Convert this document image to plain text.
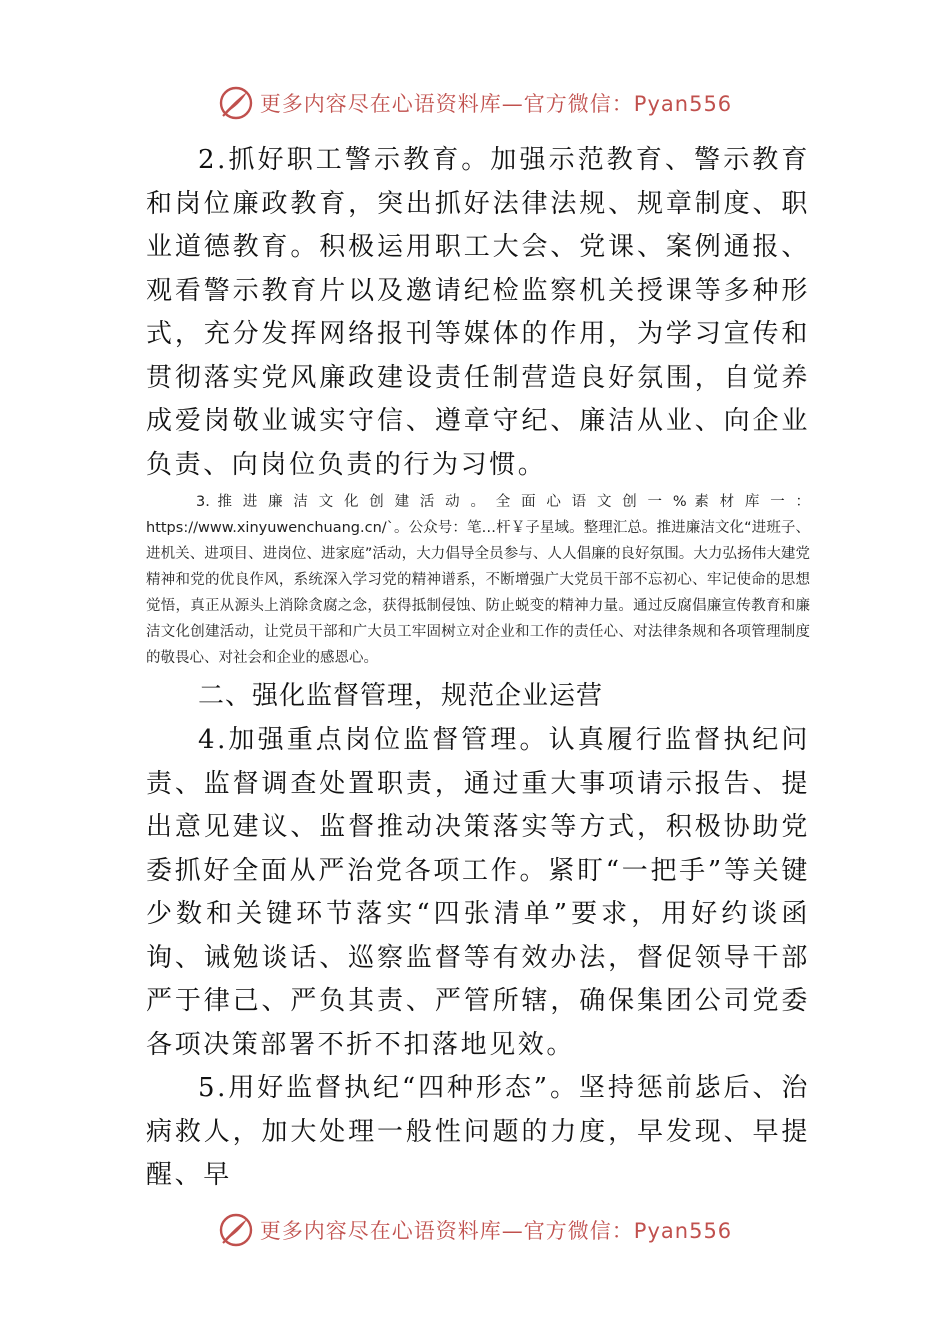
更多内容尽在心语资料库—官方微信：Pyan556

2.抓好职工警示教育。加强示范教育、警示教育和岗位廉政教育，突出抓好法律法规、规章制度、职业道德教育。积极运用职工大会、党课、案例通报、观看警示教育片以及邀请纪检监察机关授课等多种形式，充分发挥网络报刊等媒体的作用，为学习宣传和贯彻落实党风廉政建设责任制营造良好氛围，自觉养成爱岗敬业诚实守信、遵章守纪、廉洁从业、向企业负责、向岗位负责的行为习惯。

3. 推 进 廉 洁 文 化 创 建 活 动 。 全 面 心 语 文 创 一 % 素 材 库 一 ： https://www.xinyuwenchuang.cn/`。公众号：笔…杆￥子星域。整理汇总。推进廉洁文化“进班子、进机关、进项目、进岗位、进家庭”活动，大力倡导全员参与、人人倡廉的良好氛围。大力弘扬伟大建党精神和党的优良作风，系统深入学习党的精神谱系，不断增强广大党员干部不忘初心、牢记使命的思想觉悟，真正从源头上消除贪腐之念，获得抵制侵蚀、防止蜕变的精神力量。通过反腐倡廉宣传教育和廉洁文化创建活动，让党员干部和广大员工牢固树立对企业和工作的责任心、对法律条规和各项管理制度的敬畏心、对社会和企业的感恩心。

二、强化监督管理，规范企业运营

4.加强重点岗位监督管理。认真履行监督执纪问责、监督调查处置职责，通过重大事项请示报告、提出意见建议、监督推动决策落实等方式，积极协助党委抓好全面从严治党各项工作。紧盯“一把手”等关键少数和关键环节落实“四张清单”要求，用好约谈函询、诫勉谈话、巡察监督等有效办法，督促领导干部严于律己、严负其责、严管所辖，确保集团公司党委各项决策部署不折不扣落地见效。

5.用好监督执纪“四种形态”。坚持惩前毖后、治病救人，加大处理一般性问题的力度，早发现、早提醒、早

更多内容尽在心语资料库—官方微信：Pyan556
